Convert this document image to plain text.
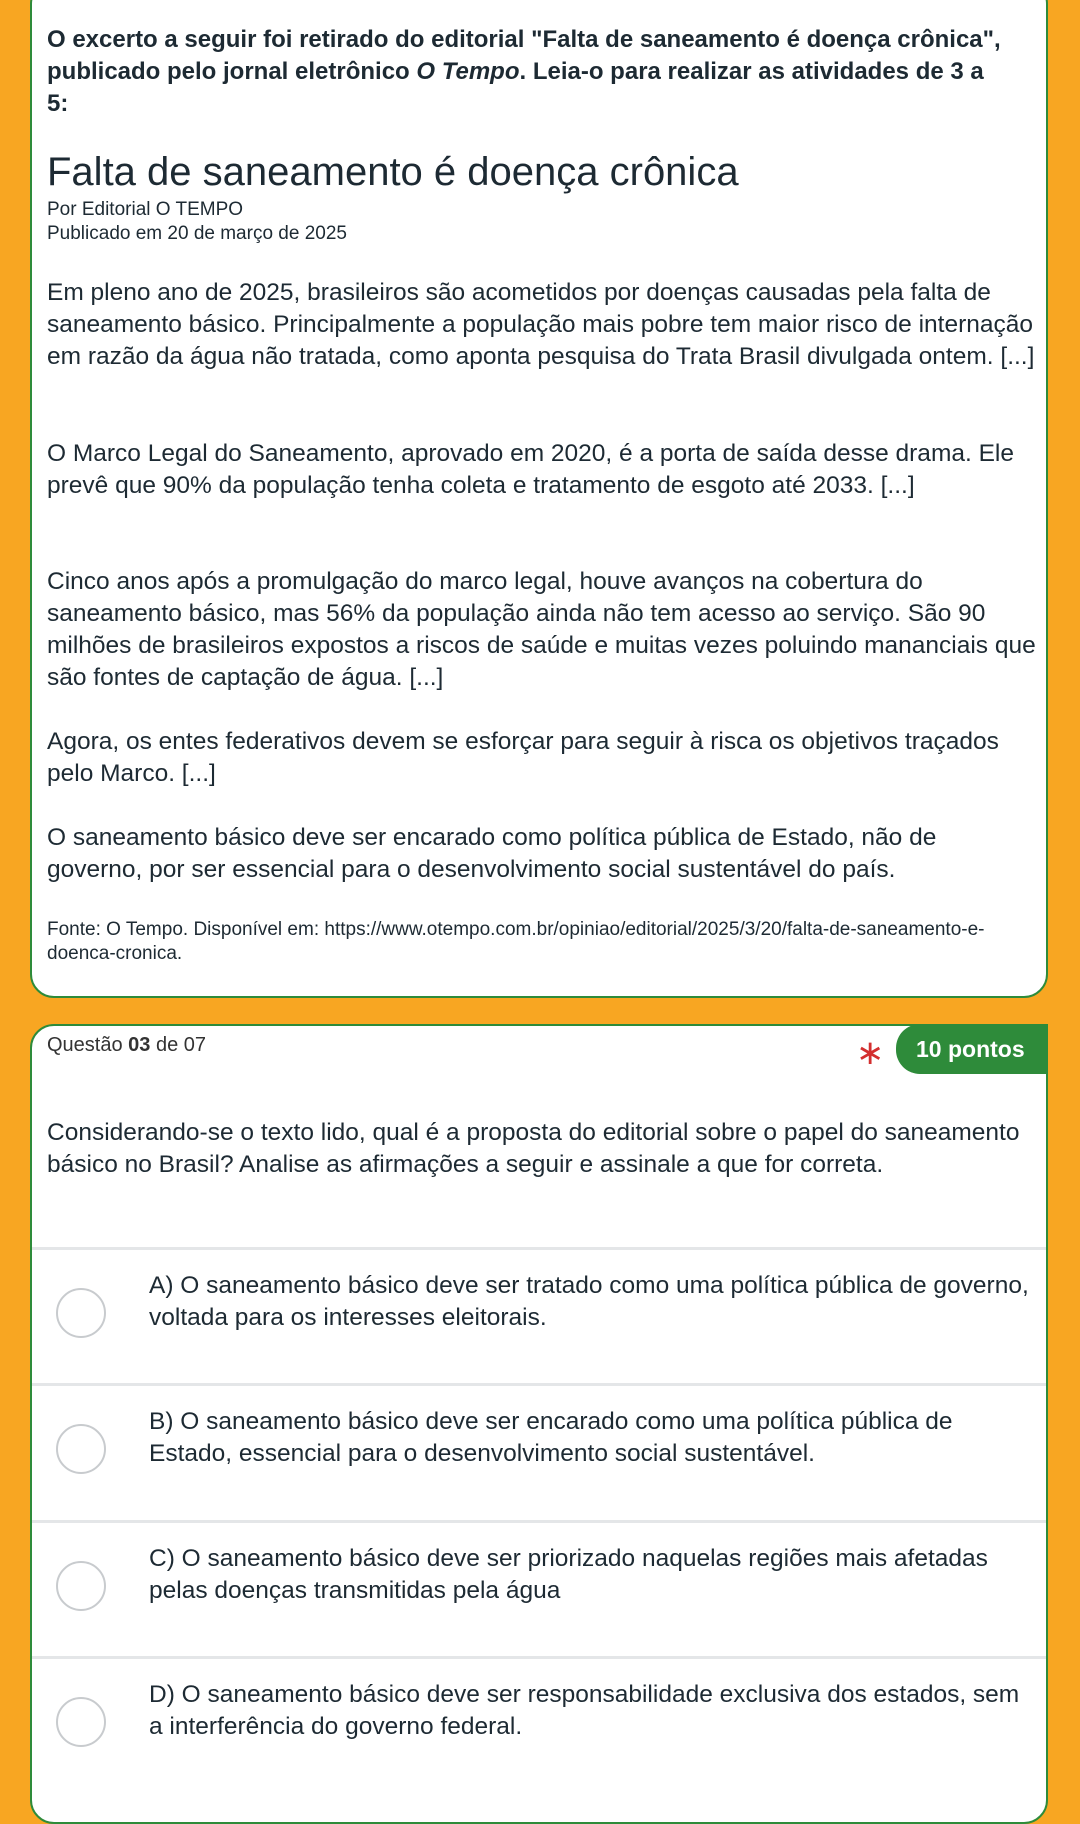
O excerto a seguir foi retirado do editorial "Falta de saneamento é doença crônica", publicado pelo jornal eletrônico O Tempo. Leia-o para realizar as atividades de 3 a 5:
Falta de saneamento é doença crônica
Por Editorial O TEMPO
Publicado em 20 de março de 2025
Em pleno ano de 2025, brasileiros são acometidos por doenças causadas pela falta de saneamento básico. Principalmente a população mais pobre tem maior risco de internação em razão da água não tratada, como aponta pesquisa do Trata Brasil divulgada ontem. [...]
O Marco Legal do Saneamento, aprovado em 2020, é a porta de saída desse drama. Ele prevê que 90% da população tenha coleta e tratamento de esgoto até 2033. [...]
Cinco anos após a promulgação do marco legal, houve avanços na cobertura do saneamento básico, mas 56% da população ainda não tem acesso ao serviço. São 90 milhões de brasileiros expostos a riscos de saúde e muitas vezes poluindo mananciais que são fontes de captação de água. [...]
Agora, os entes federativos devem se esforçar para seguir à risca os objetivos traçados pelo Marco. [...]
O saneamento básico deve ser encarado como política pública de Estado, não de governo, por ser essencial para o desenvolvimento social sustentável do país.
Fonte: O Tempo. Disponível em: https://www.otempo.com.br/opiniao/editorial/2025/3/20/falta-de-saneamento-e-doenca-cronica.
Questão 03 de 07	∗	10 pontos
Considerando-se o texto lido, qual é a proposta do editorial sobre o papel do saneamento básico no Brasil? Analise as afirmações a seguir e assinale a que for correta.
A) O saneamento básico deve ser tratado como uma política pública de governo, voltada para os interesses eleitorais.
B) O saneamento básico deve ser encarado como uma política pública de Estado, essencial para o desenvolvimento social sustentável.
C) O saneamento básico deve ser priorizado naquelas regiões mais afetadas pelas doenças transmitidas pela água
D) O saneamento básico deve ser responsabilidade exclusiva dos estados, sem a interferência do governo federal.
